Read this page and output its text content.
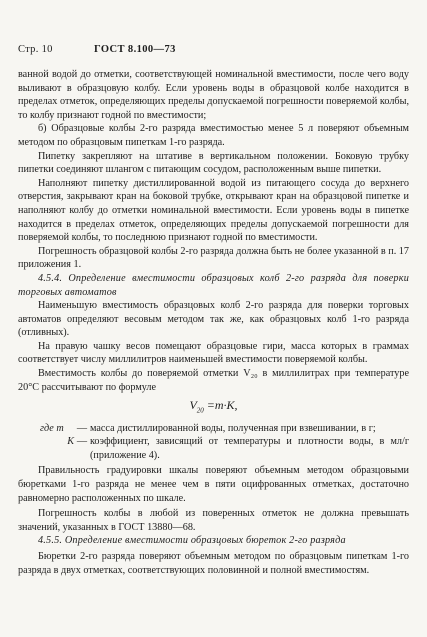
Стр. 10	ГОСТ 8.100—73

ванной водой до отметки, соответствующей номинальной вместимости, после чего воду выливают в образцовую колбу. Если уровень воды в образцовой колбе находится в пределах отметок, определяющих пределы допускаемой погрешности поверяемой колбы, то колбу признают годной по вместимости;

б) Образцовые колбы 2-го разряда вместимостью менее 5 л поверяют объемным методом по образцовым пипеткам 1-го разряда.

Пипетку закрепляют на штативе в вертикальном положении. Боковую трубку пипетки соединяют шлангом с питающим сосудом, расположенным выше пипетки.

Наполняют пипетку дистиллированной водой из питающего сосуда до верхнего отверстия, закрывают кран на боковой трубке, открывают кран на образцовой пипетке и наполняют колбу до отметки номинальной вместимости. Если уровень воды в пипетке находится в пределах отметок, определяющих пределы допускаемой погрешности для поверяемой колбы, то последнюю признают годной по вместимости.

Погрешность образцовой колбы 2-го разряда должна быть не более указанной в п. 17 приложения 1.

4.5.4. Определение вместимости образцовых колб 2-го разряда для поверки торговых автоматов

Наименьшую вместимость образцовых колб 2-го разряда для поверки торговых автоматов определяют весовым методом так же, как образцовых колб 1-го разряда (отливных).

На правую чашку весов помещают образцовые гири, масса которых в граммах соответствует числу миллилитров наименьшей вместимости поверяемой колбы.

Вместимость колбы до поверяемой отметки V₂₀ в миллилитрах при температуре 20°С рассчитывают по формуле

$V_{20} =m\cdot K$,
где m	— масса дистиллированной воды, полученная при взвешивании, в г;
K — коэффициент, зависящий от температуры и плотности воды, в мл/г (приложение 4).

Правильность градуировки шкалы поверяют объемным методом образцовыми бюретками 1-го разряда не менее чем в пяти оцифрованных отметках, достаточно равномерно расположенных по шкале.

Погрешность колбы в любой из поверенных отметок не должна превышать значений, указанных в ГОСТ 13880—68.

4.5.5. Определение вместимости образцовых бюреток 2-го разряда

Бюретки 2-го разряда поверяют объемным методом по образцовым пипеткам 1-го разряда в двух отметках, соответствующих половинной и полной вместимостям.
